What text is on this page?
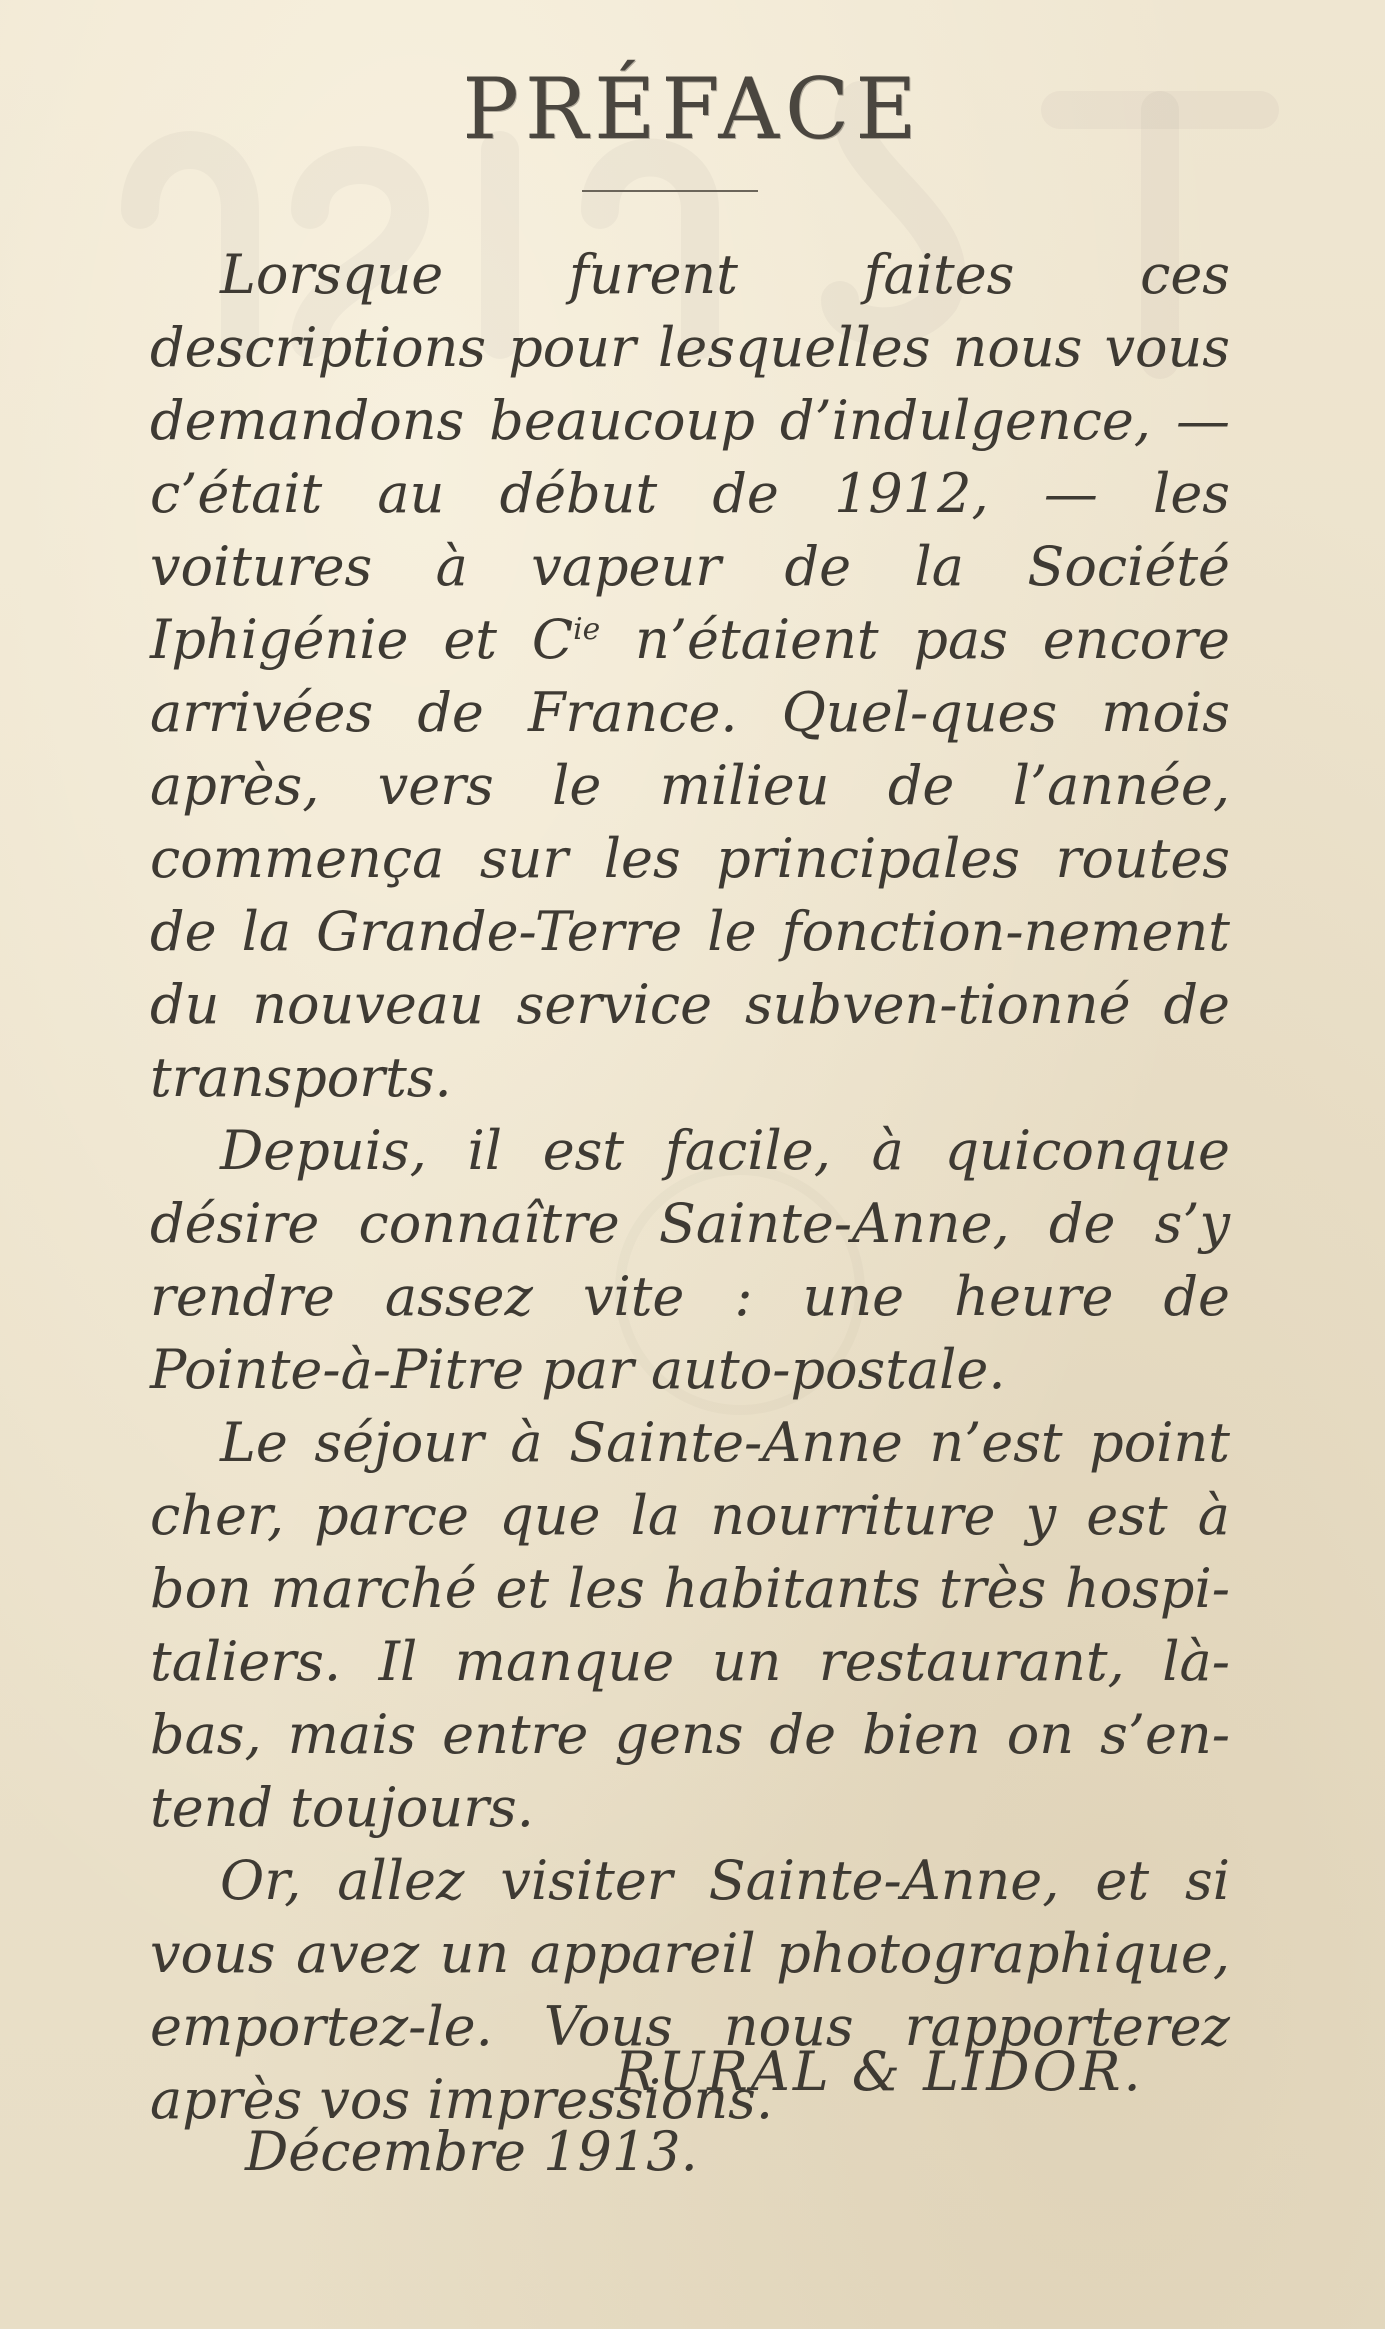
PRÉFACE

Lorsque furent faites ces descriptions pour lesquelles nous vous demandons beaucoup d’indulgence, — c’était au début de 1912, — les voitures à vapeur de la Société Iphigénie et $C^{ie}$ n’étaient pas encore arrivées de France. Quel-ques mois après, vers le milieu de l’année, commença sur les principales routes de la Grande-Terre le fonction-nement du nouveau service subven-tionné de transports.

Depuis, il est facile, à quiconque désire connaître Sainte-Anne, de s’y rendre assez vite : une heure de Pointe-à-Pitre par auto-postale.

Le séjour à Sainte-Anne n’est point cher, parce que la nourriture y est à bon marché et les habitants très hospi-taliers. Il manque un restaurant, là-bas, mais entre gens de bien on s’en-tend toujours.

Or, allez visiter Sainte-Anne, et si vous avez un appareil photographique, emportez-le. Vous nous rapporterez après vos impressions.

RURAL & LIDOR.
Décembre 1913.
